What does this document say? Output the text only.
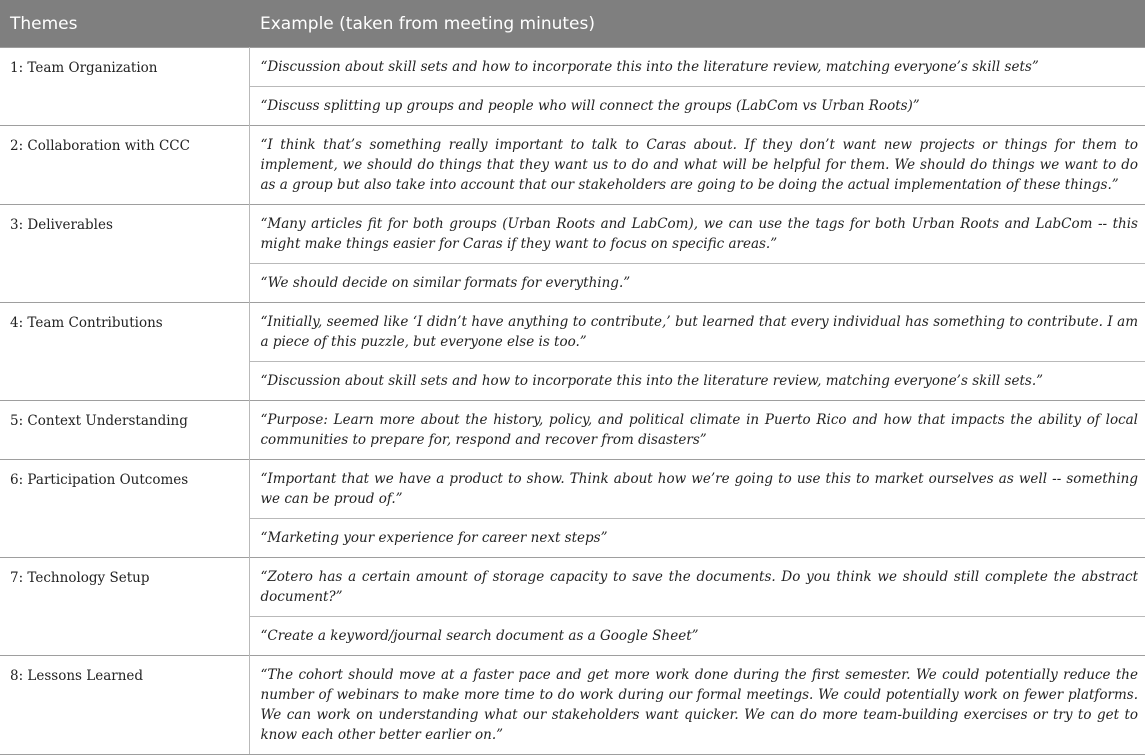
Themes	Example (taken from meeting minutes)
1: Team Organization	“Discussion about skill sets and how to incorporate this into the literature review, matching everyone’s skill sets”
	“Discuss splitting up groups and people who will connect the groups (LabCom vs Urban Roots)”
2: Collaboration with CCC	“I think that’s something really important to talk to Caras about. If they don’t want new projects or things for them to implement, we should do things that they want us to do and what will be helpful for them. We should do things we want to do as a group but also take into account that our stakeholders are going to be doing the actual implementation of these things.”
3: Deliverables	“Many articles fit for both groups (Urban Roots and LabCom), we can use the tags for both Urban Roots and LabCom -- this might make things easier for Caras if they want to focus on specific areas.”
	“We should decide on similar formats for everything.”
4: Team Contributions	“Initially, seemed like ‘I didn’t have anything to contribute,’ but learned that every individual has something to contribute. I am a piece of this puzzle, but everyone else is too.”
	“Discussion about skill sets and how to incorporate this into the literature review, matching everyone’s skill sets.”
5: Context Understanding	“Purpose: Learn more about the history, policy, and political climate in Puerto Rico and how that impacts the ability of local communities to prepare for, respond and recover from disasters”
6: Participation Outcomes	“Important that we have a product to show. Think about how we’re going to use this to market ourselves as well -- something we can be proud of.”
	“Marketing your experience for career next steps”
7: Technology Setup	“Zotero has a certain amount of storage capacity to save the documents. Do you think we should still complete the abstract document?”
	“Create a keyword/journal search document as a Google Sheet”
8: Lessons Learned	“The cohort should move at a faster pace and get more work done during the first semester. We could potentially reduce the number of webinars to make more time to do work during our formal meetings. We could potentially work on fewer platforms. We can work on understanding what our stakeholders want quicker. We can do more team-building exercises or try to get to know each other better earlier on.”
